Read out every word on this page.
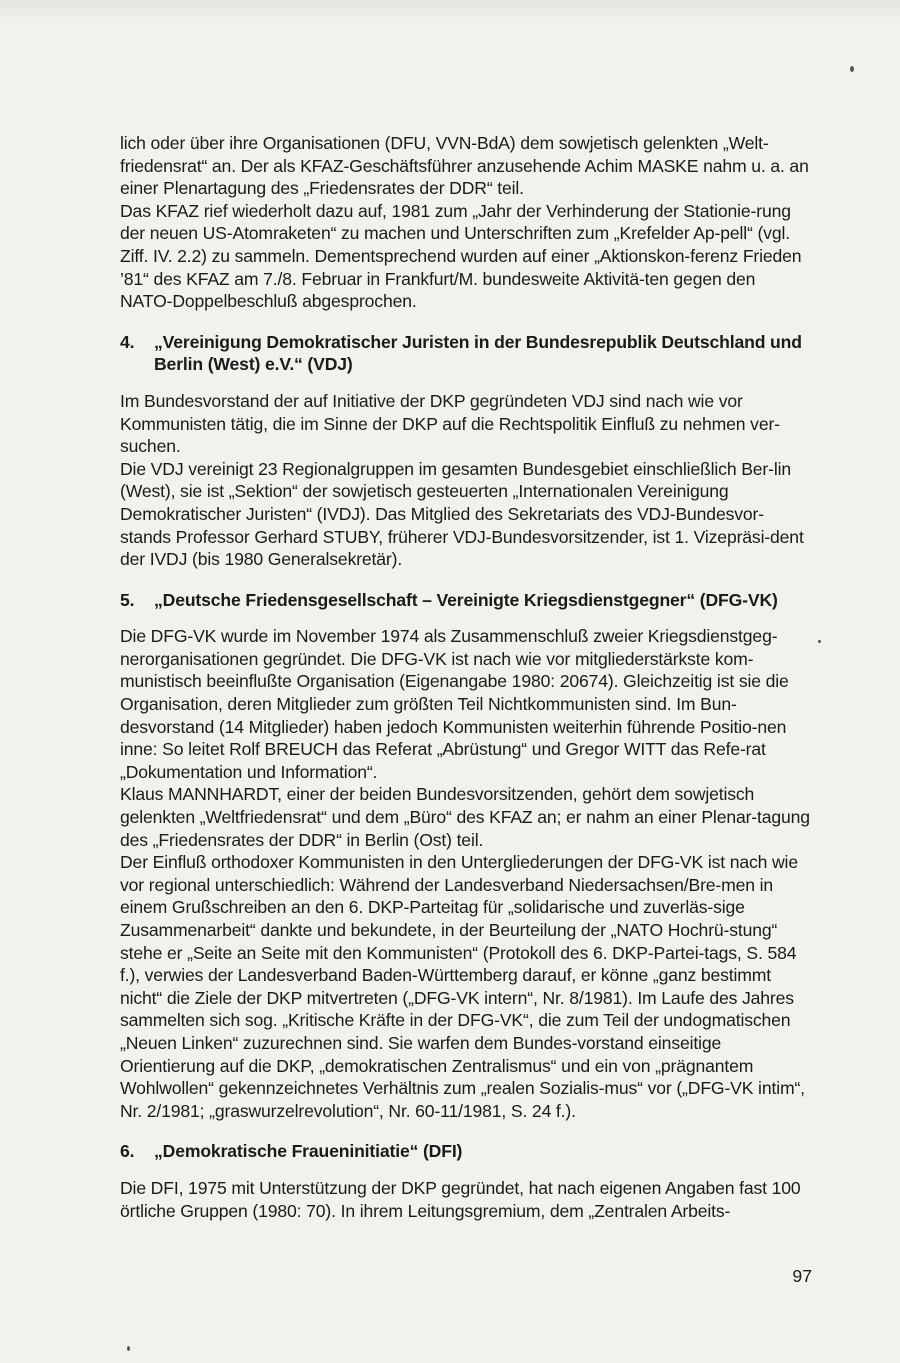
lich oder über ihre Organisationen (DFU, VVN-BdA) dem sowjetisch gelenkten „Welt-friedensrat“ an. Der als KFAZ-Geschäftsführer anzusehende Achim MASKE nahm u. a. an einer Plenartagung des „Friedensrates der DDR“ teil.

Das KFAZ rief wiederholt dazu auf, 1981 zum „Jahr der Verhinderung der Stationie-rung der neuen US-Atomraketen“ zu machen und Unterschriften zum „Krefelder Ap-pell“ (vgl. Ziff. IV. 2.2) zu sammeln. Dementsprechend wurden auf einer „Aktionskon-ferenz Frieden ’81“ des KFAZ am 7./8. Februar in Frankfurt/M. bundesweite Aktivitä-ten gegen den NATO-Doppelbeschluß abgesprochen.

4.	„Vereinigung Demokratischer Juristen in der Bundesrepublik Deutschland und Berlin (West) e.V.“ (VDJ)

Im Bundesvorstand der auf Initiative der DKP gegründeten VDJ sind nach wie vor Kommunisten tätig, die im Sinne der DKP auf die Rechtspolitik Einfluß zu nehmen ver-suchen.

Die VDJ vereinigt 23 Regionalgruppen im gesamten Bundesgebiet einschließlich Ber-lin (West), sie ist „Sektion“ der sowjetisch gesteuerten „Internationalen Vereinigung Demokratischer Juristen“ (IVDJ). Das Mitglied des Sekretariats des VDJ-Bundesvor-stands Professor Gerhard STUBY, früherer VDJ-Bundesvorsitzender, ist 1. Vizepräsi-dent der IVDJ (bis 1980 Generalsekretär).

5.	„Deutsche Friedensgesellschaft – Vereinigte Kriegsdienstgegner“ (DFG-VK)

Die DFG-VK wurde im November 1974 als Zusammenschluß zweier Kriegsdienstgeg-nerorganisationen gegründet. Die DFG-VK ist nach wie vor mitgliederstärkste kom-munistisch beeinflußte Organisation (Eigenangabe 1980: 20674). Gleichzeitig ist sie die Organisation, deren Mitglieder zum größten Teil Nichtkommunisten sind. Im Bun-desvorstand (14 Mitglieder) haben jedoch Kommunisten weiterhin führende Positio-nen inne: So leitet Rolf BREUCH das Referat „Abrüstung“ und Gregor WITT das Refe-rat „Dokumentation und Information“.

Klaus MANNHARDT, einer der beiden Bundesvorsitzenden, gehört dem sowjetisch gelenkten „Weltfriedensrat“ und dem „Büro“ des KFAZ an; er nahm an einer Plenar-tagung des „Friedensrates der DDR“ in Berlin (Ost) teil.

Der Einfluß orthodoxer Kommunisten in den Untergliederungen der DFG-VK ist nach wie vor regional unterschiedlich: Während der Landesverband Niedersachsen/Bre-men in einem Grußschreiben an den 6. DKP-Parteitag für „solidarische und zuverläs-sige Zusammenarbeit“ dankte und bekundete, in der Beurteilung der „NATO Hochrü-stung“ stehe er „Seite an Seite mit den Kommunisten“ (Protokoll des 6. DKP-Partei-tags, S. 584 f.), verwies der Landesverband Baden-Württemberg darauf, er könne „ganz bestimmt nicht“ die Ziele der DKP mitvertreten („DFG-VK intern“, Nr. 8/1981). Im Laufe des Jahres sammelten sich sog. „Kritische Kräfte in der DFG-VK“, die zum Teil der undogmatischen „Neuen Linken“ zuzurechnen sind. Sie warfen dem Bundes-vorstand einseitige Orientierung auf die DKP, „demokratischen Zentralismus“ und ein von „prägnantem Wohlwollen“ gekennzeichnetes Verhältnis zum „realen Sozialis-mus“ vor („DFG-VK intim“, Nr. 2/1981; „graswurzelrevolution“, Nr. 60-11/1981, S. 24 f.).

6.	„Demokratische Fraueninitiatie“ (DFI)

Die DFI, 1975 mit Unterstützung der DKP gegründet, hat nach eigenen Angaben fast 100 örtliche Gruppen (1980: 70). In ihrem Leitungsgremium, dem „Zentralen Arbeits-

97
